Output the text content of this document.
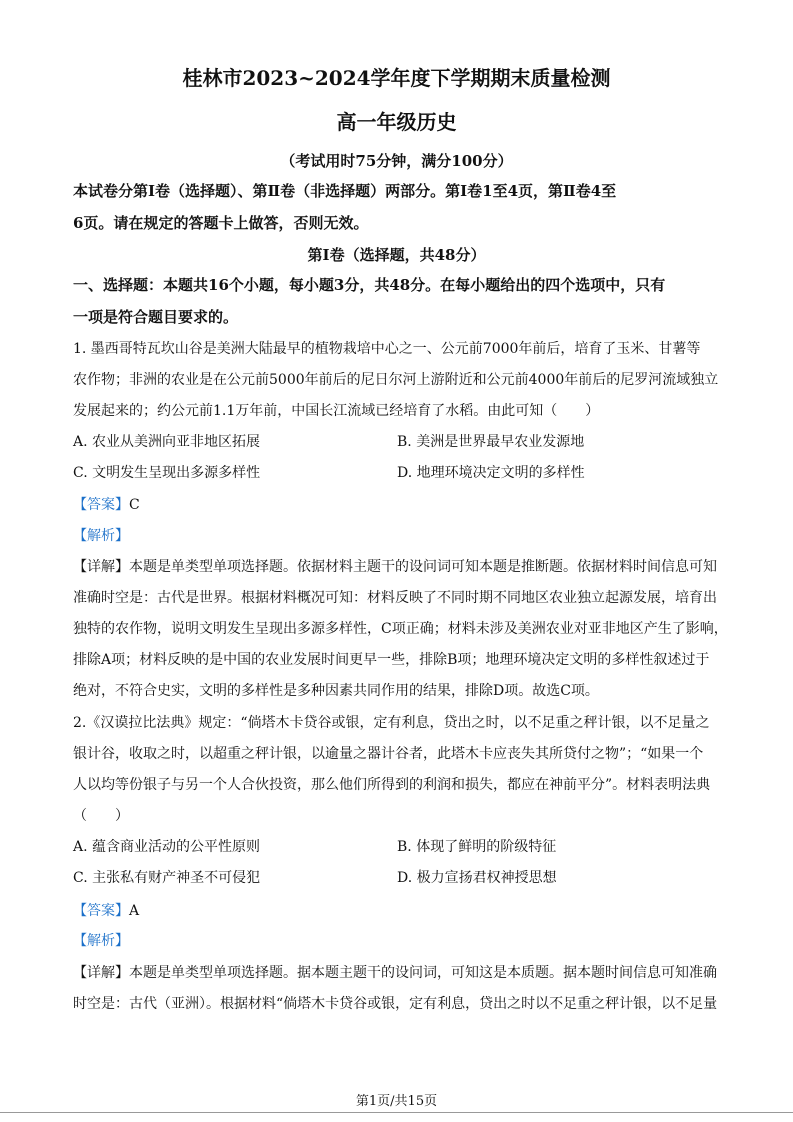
桂林市2023~2024学年度下学期期末质量检测
高一年级历史
（考试用时75分钟，满分100分）
本试卷分第Ⅰ卷（选择题）、第Ⅱ卷（非选择题）两部分。第Ⅰ卷1至4页，第Ⅱ卷4至
6页。请在规定的答题卡上做答，否则无效。
第Ⅰ卷（选择题，共48分）
一、选择题：本题共16个小题，每小题3分，共48分。在每小题给出的四个选项中，只有
一项是符合题目要求的。
1. 墨西哥特瓦坎山谷是美洲大陆最早的植物栽培中心之一、公元前7000年前后，培育了玉米、甘薯等
农作物；非洲的农业是在公元前5000年前后的尼日尔河上游附近和公元前4000年前后的尼罗河流域独立
发展起来的；约公元前1.1万年前，中国长江流域已经培育了水稻。由此可知（　　）
A. 农业从美洲向亚非地区拓展	B. 美洲是世界最早农业发源地
C. 文明发生呈现出多源多样性	D. 地理环境决定文明的多样性
【答案】C
【解析】
【详解】本题是单类型单项选择题。依据材料主题干的设问词可知本题是推断题。依据材料时间信息可知
准确时空是：古代是世界。根据材料概况可知：材料反映了不同时期不同地区农业独立起源发展，培育出
独特的农作物，说明文明发生呈现出多源多样性，C项正确；材料未涉及美洲农业对亚非地区产生了影响，
排除A项；材料反映的是中国的农业发展时间更早一些，排除B项；地理环境决定文明的多样性叙述过于
绝对，不符合史实，文明的多样性是多种因素共同作用的结果，排除D项。故选C项。
2.《汉谟拉比法典》规定：“倘塔木卡贷谷或银，定有利息，贷出之时，以不足重之秤计银，以不足量之
银计谷，收取之时，以超重之秤计银，以逾量之器计谷者，此塔木卡应丧失其所贷付之物”；“如果一个
人以均等份银子与另一个人合伙投资，那么他们所得到的利润和损失，都应在神前平分”。材料表明法典
（　　）
A. 蕴含商业活动的公平性原则	B. 体现了鲜明的阶级特征
C. 主张私有财产神圣不可侵犯	D. 极力宣扬君权神授思想
【答案】A
【解析】
【详解】本题是单类型单项选择题。据本题主题干的设问词，可知这是本质题。据本题时间信息可知准确
时空是：古代（亚洲）。根据材料“倘塔木卡贷谷或银，定有利息，贷出之时以不足重之秤计银，以不足量
第1页/共15页
